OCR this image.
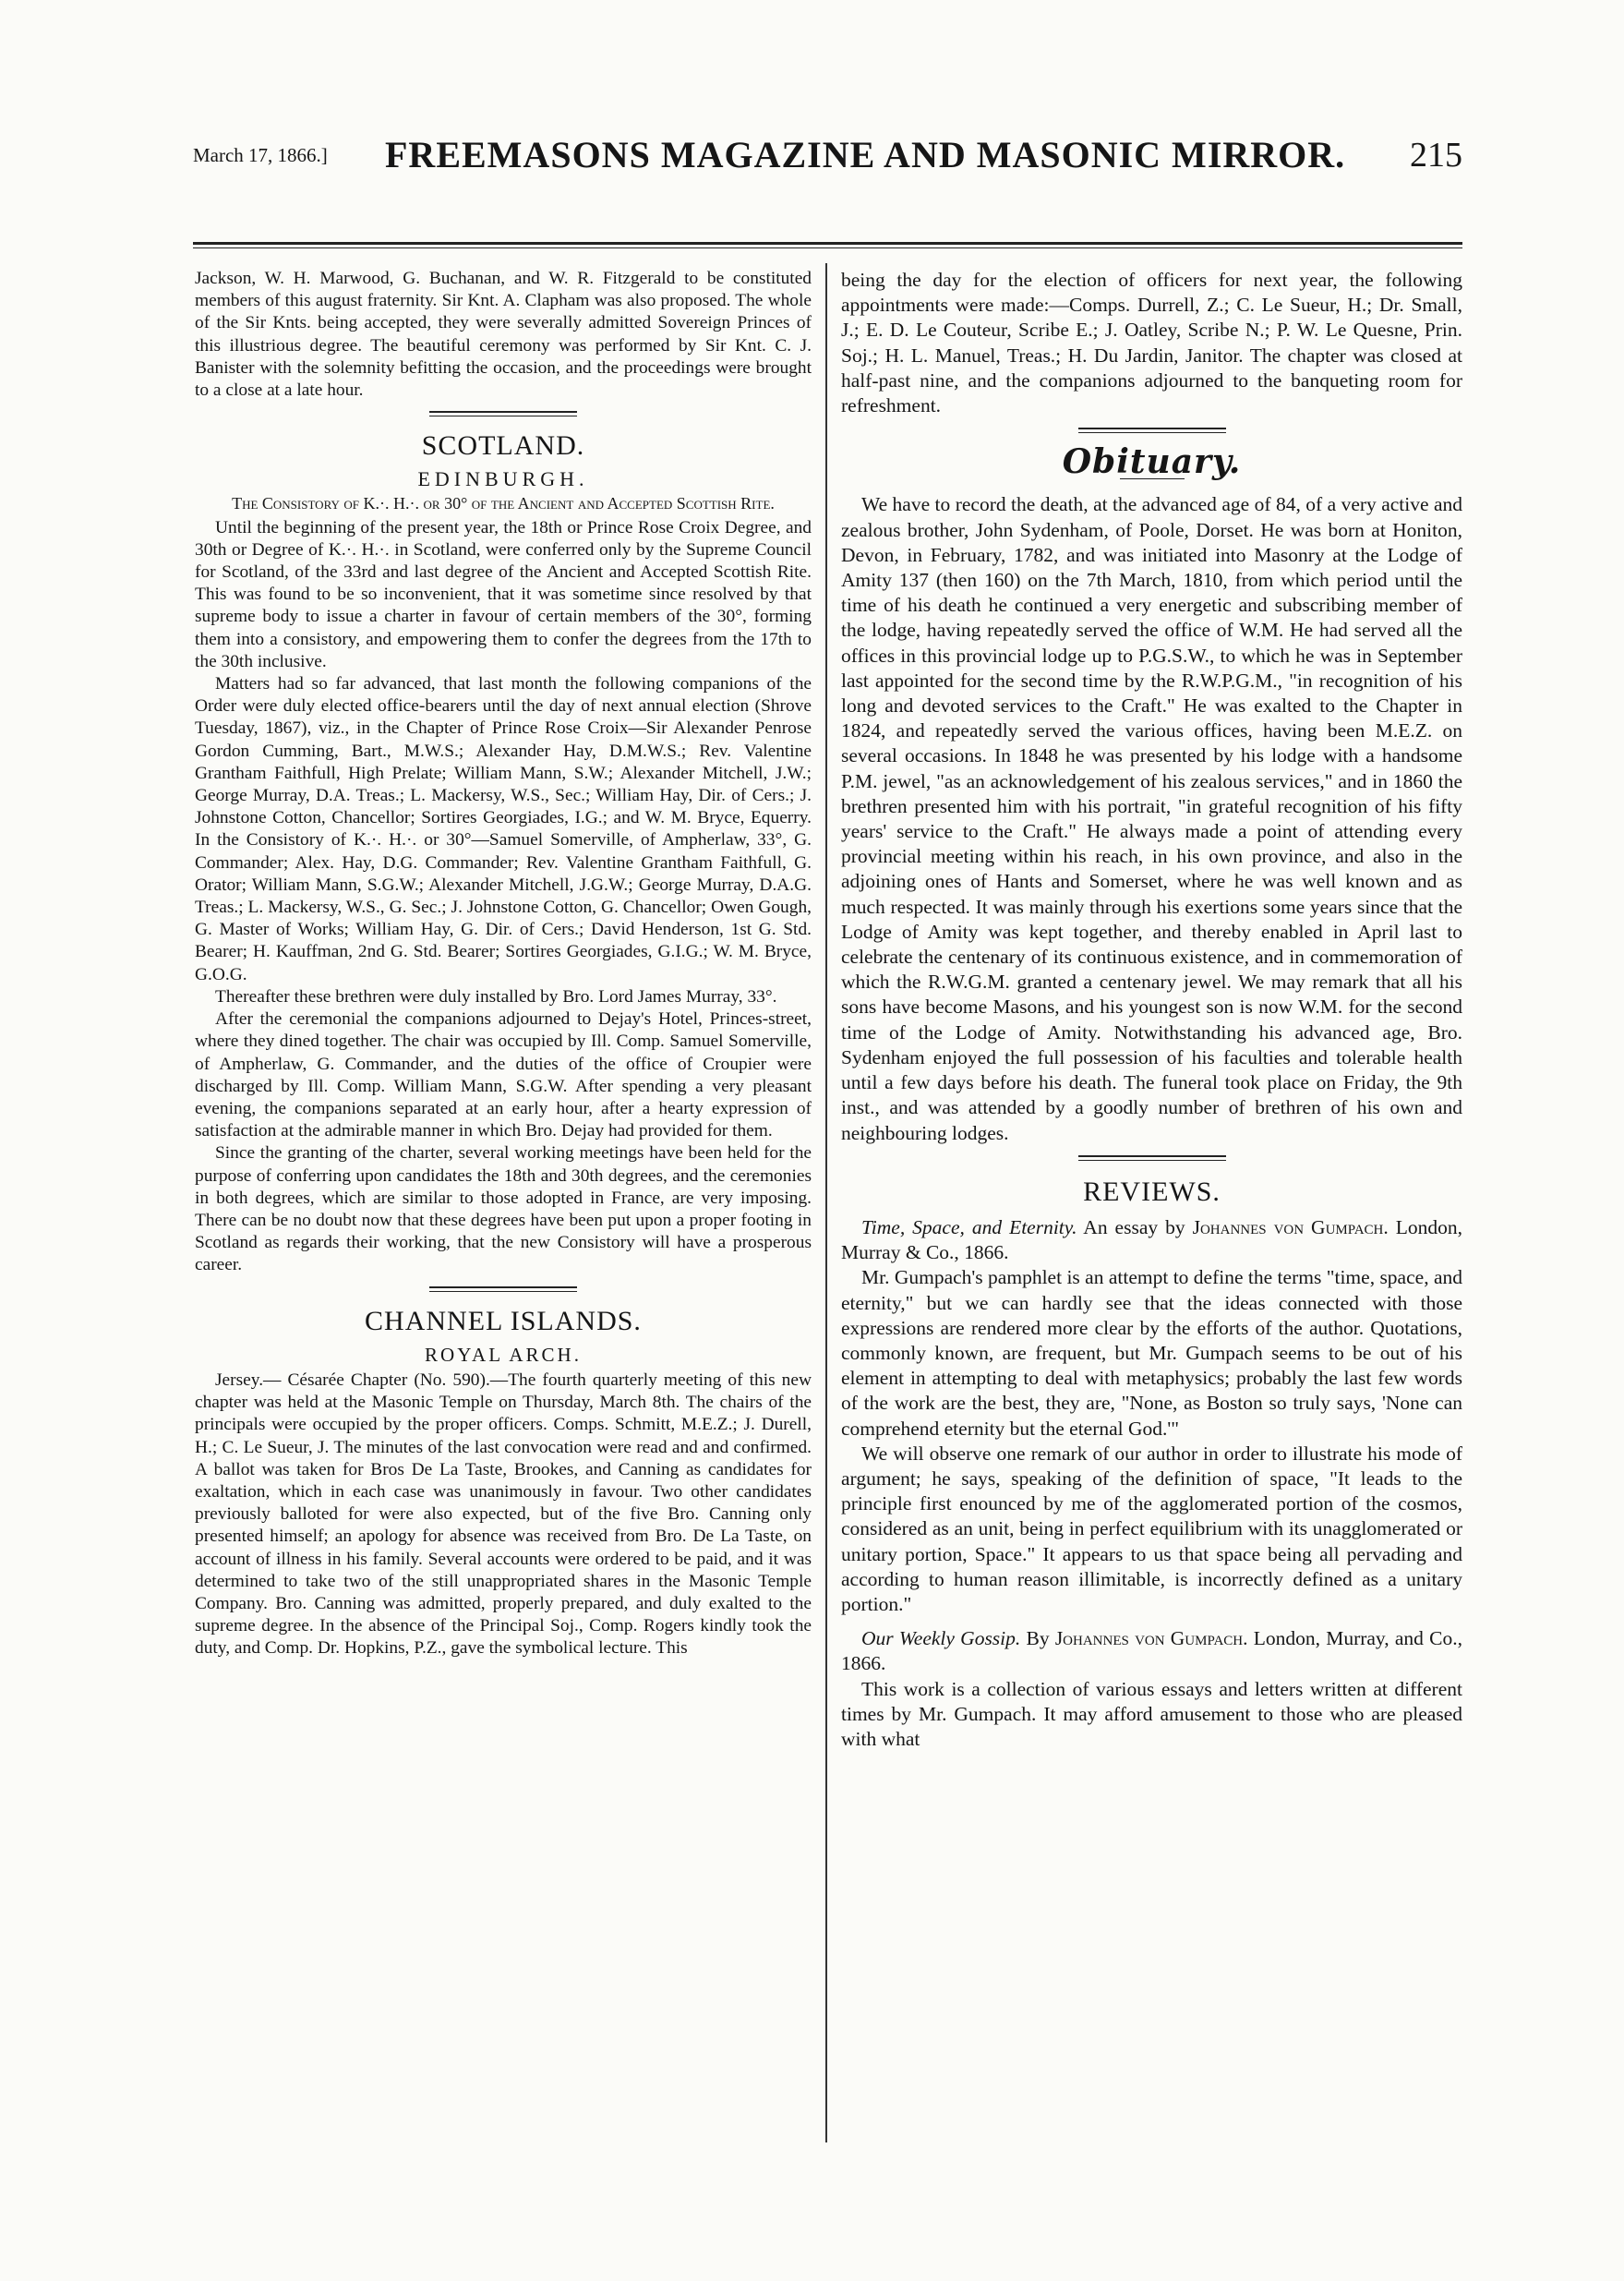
March 17, 1866.] FREEMASONS MAGAZINE AND MASONIC MIRROR. 215

Jackson, W. H. Marwood, G. Buchanan, and W. R. Fitzgerald to be constituted members of this august fraternity. Sir Knt. A. Clapham was also proposed. The whole of the Sir Knts. being accepted, they were severally admitted Sovereign Princes of this illustrious degree. The beautiful ceremony was performed by Sir Knt. C. J. Banister with the solemnity befitting the occasion, and the proceedings were brought to a close at a late hour.

SCOTLAND.
EDINBURGH.
The Consistory of K.·. H.·. or 30° of the Ancient and Accepted Scottish Rite.

Until the beginning of the present year, the 18th or Prince Rose Croix Degree, and 30th or Degree of K.·. H.·. in Scotland, were conferred only by the Supreme Council for Scotland, of the 33rd and last degree of the Ancient and Accepted Scottish Rite. This was found to be so inconvenient, that it was sometime since resolved by that supreme body to issue a charter in favour of certain members of the 30°, forming them into a consistory, and empowering them to confer the degrees from the 17th to the 30th inclusive.

Matters had so far advanced, that last month the following companions of the Order were duly elected office-bearers until the day of next annual election (Shrove Tuesday, 1867), viz., in the Chapter of Prince Rose Croix—Sir Alexander Penrose Gordon Cumming, Bart., M.W.S.; Alexander Hay, D.M.W.S.; Rev. Valentine Grantham Faithfull, High Prelate; William Mann, S.W.; Alexander Mitchell, J.W.; George Murray, D.A. Treas.; L. Mackersy, W.S., Sec.; William Hay, Dir. of Cers.; J. Johnstone Cotton, Chancellor; Sortires Georgiades, I.G.; and W. M. Bryce, Equerry. In the Consistory of K.·. H.·. or 30°—Samuel Somerville, of Ampherlaw, 33°, G. Commander; Alex. Hay, D.G. Commander; Rev. Valentine Grantham Faithfull, G. Orator; William Mann, S.G.W.; Alexander Mitchell, J.G.W.; George Murray, D.A.G. Treas.; L. Mackersy, W.S., G. Sec.; J. Johnstone Cotton, G. Chancellor; Owen Gough, G. Master of Works; William Hay, G. Dir. of Cers.; David Henderson, 1st G. Std. Bearer; H. Kauffman, 2nd G. Std. Bearer; Sortires Georgiades, G.I.G.; W. M. Bryce, G.O.G.

Thereafter these brethren were duly installed by Bro. Lord James Murray, 33°.

After the ceremonial the companions adjourned to Dejay's Hotel, Princes-street, where they dined together. The chair was occupied by Ill. Comp. Samuel Somerville, of Ampherlaw, G. Commander, and the duties of the office of Croupier were discharged by Ill. Comp. William Mann, S.G.W. After spending a very pleasant evening, the companions separated at an early hour, after a hearty expression of satisfaction at the admirable manner in which Bro. Dejay had provided for them.

Since the granting of the charter, several working meetings have been held for the purpose of conferring upon candidates the 18th and 30th degrees, and the ceremonies in both degrees, which are similar to those adopted in France, are very imposing. There can be no doubt now that these degrees have been put upon a proper footing in Scotland as regards their working, that the new Consistory will have a prosperous career.

CHANNEL ISLANDS.
ROYAL ARCH.

Jersey.— Césarée Chapter (No. 590).—The fourth quarterly meeting of this new chapter was held at the Masonic Temple on Thursday, March 8th. The chairs of the principals were occupied by the proper officers. Comps. Schmitt, M.E.Z.; J. Durell, H.; C. Le Sueur, J. The minutes of the last convocation were read and and confirmed. A ballot was taken for Bros De La Taste, Brookes, and Canning as candidates for exaltation, which in each case was unanimously in favour. Two other candidates previously balloted for were also expected, but of the five Bro. Canning only presented himself; an apology for absence was received from Bro. De La Taste, on account of illness in his family. Several accounts were ordered to be paid, and it was determined to take two of the still unappropriated shares in the Masonic Temple Company. Bro. Canning was admitted, properly prepared, and duly exalted to the supreme degree. In the absence of the Principal Soj., Comp. Rogers kindly took the duty, and Comp. Dr. Hopkins, P.Z., gave the symbolical lecture. This

being the day for the election of officers for next year, the following appointments were made:—Comps. Durrell, Z.; C. Le Sueur, H.; Dr. Small, J.; E. D. Le Couteur, Scribe E.; J. Oatley, Scribe N.; P. W. Le Quesne, Prin. Soj.; H. L. Manuel, Treas.; H. Du Jardin, Janitor. The chapter was closed at half-past nine, and the companions adjourned to the banqueting room for refreshment.

Obituary.

We have to record the death, at the advanced age of 84, of a very active and zealous brother, John Sydenham, of Poole, Dorset. He was born at Honiton, Devon, in February, 1782, and was initiated into Masonry at the Lodge of Amity 137 (then 160) on the 7th March, 1810, from which period until the time of his death he continued a very energetic and subscribing member of the lodge, having repeatedly served the office of W.M. He had served all the offices in this provincial lodge up to P.G.S.W., to which he was in September last appointed for the second time by the R.W.P.G.M., "in recognition of his long and devoted services to the Craft." He was exalted to the Chapter in 1824, and repeatedly served the various offices, having been M.E.Z. on several occasions. In 1848 he was presented by his lodge with a handsome P.M. jewel, "as an acknowledgement of his zealous services," and in 1860 the brethren presented him with his portrait, "in grateful recognition of his fifty years' service to the Craft." He always made a point of attending every provincial meeting within his reach, in his own province, and also in the adjoining ones of Hants and Somerset, where he was well known and as much respected. It was mainly through his exertions some years since that the Lodge of Amity was kept together, and thereby enabled in April last to celebrate the centenary of its continuous existence, and in commemoration of which the R.W.G.M. granted a centenary jewel. We may remark that all his sons have become Masons, and his youngest son is now W.M. for the second time of the Lodge of Amity. Notwithstanding his advanced age, Bro. Sydenham enjoyed the full possession of his faculties and tolerable health until a few days before his death. The funeral took place on Friday, the 9th inst., and was attended by a goodly number of brethren of his own and neighbouring lodges.

REVIEWS.

Time, Space, and Eternity. An essay by Johannes von Gumpach. London, Murray & Co., 1866.

Mr. Gumpach's pamphlet is an attempt to define the terms "time, space, and eternity," but we can hardly see that the ideas connected with those expressions are rendered more clear by the efforts of the author. Quotations, commonly known, are frequent, but Mr. Gumpach seems to be out of his element in attempting to deal with metaphysics; probably the last few words of the work are the best, they are, "None, as Boston so truly says, 'None can comprehend eternity but the eternal God.'"

We will observe one remark of our author in order to illustrate his mode of argument; he says, speaking of the definition of space, "It leads to the principle first enounced by me of the agglomerated portion of the cosmos, considered as an unit, being in perfect equilibrium with its unagglomerated or unitary portion, Space." It appears to us that space being all pervading and according to human reason illimitable, is incorrectly defined as a unitary portion."

Our Weekly Gossip. By Johannes von Gumpach. London, Murray, and Co., 1866.

This work is a collection of various essays and letters written at different times by Mr. Gumpach. It may afford amusement to those who are pleased with what
